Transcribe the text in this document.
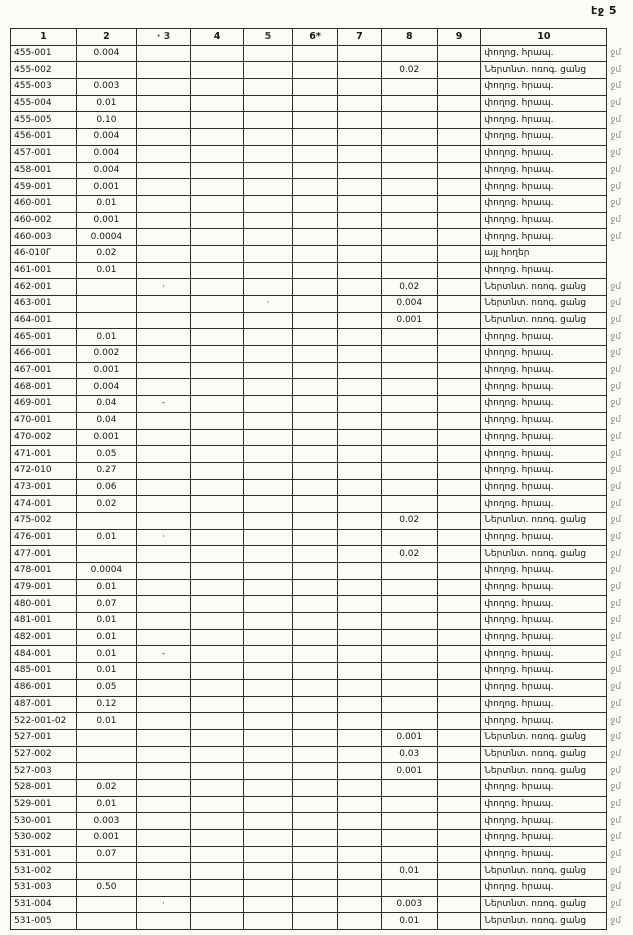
էջ 5
1	2	· 3	4	5	6*	7	8	9	10	
455-001	0.004								փողոց. հրապ.	ջմ
455-002							0.02		Ներտնտ. ոռոգ. ցանց	ջմ
455-003	0.003								փողոց. հրապ.	ջմ
455-004	0.01								փողոց. հրապ.	ջմ
455-005	0.10								փողոց. հրապ.	ջմ
456-001	0.004								փողոց. հրապ.	ջմ
457-001	0.004								փողոց. հրապ.	ջմ
458-001	0.004								փողոց. հրապ.	ջմ
459-001	0.001								փողոց. հրապ.	ջմ
460-001	0.01								փողոց. հրապ.	ջմ
460-002	0.001								փողոց. հրապ.	ջմ
460-003	0.0004								փողոց. հրապ.	ջմ
46-010Г	0.02								այլ հողեր	
461-001	0.01								փողոց. հրապ.	
462-001		·					0.02		Ներտնտ. ոռոգ. ցանց	ջմ
463-001				·			0.004		Ներտնտ. ոռոգ. ցանց	ջմ
464-001							0.001		Ներտնտ. ոռոգ. ցանց	ջմ
465-001	0.01								փողոց. հրապ.	ջմ
466-001	0.002								փողոց. հրապ.	ջմ
467-001	0.001								փողոց. հրապ.	ջմ
468-001	0.004								փողոց. հրապ.	ջմ
469-001	0.04	-							փողոց. հրապ.	ջմ
470-001	0.04								փողոց. հրապ.	ջմ
470-002	0.001								փողոց. հրապ.	ջմ
471-001	0.05								փողոց. հրապ.	ջմ
472-010	0.27								փողոց. հրապ.	ջմ
473-001	0.06								փողոց. հրապ.	ջմ
474-001	0.02								փողոց. հրապ.	ջմ
475-002							0.02		Ներտնտ. ոռոգ. ցանց	ջմ
476-001	0.01	·							փողոց. հրապ.	ջմ
477-001							0.02		Ներտնտ. ոռոգ. ցանց	ջմ
478-001	0.0004								փողոց. հրապ.	ջմ
479-001	0.01								փողոց. հրապ.	ջմ
480-001	0.07								փողոց. հրապ.	ջմ
481-001	0.01								փողոց. հրապ.	ջմ
482-001	0.01								փողոց. հրապ.	ջմ
484-001	0.01	-							փողոց. հրապ.	ջմ
485-001	0.01								փողոց. հրապ.	ջմ
486-001	0.05								փողոց. հրապ.	ջմ
487-001	0.12								փողոց. հրապ.	ջմ
522-001-02	0.01								փողոց. հրապ.	ջմ
527-001							0.001		Ներտնտ. ոռոգ. ցանց	ջմ
527-002							0.03		Ներտնտ. ոռոգ. ցանց	ջմ
527-003							0.001		Ներտնտ. ոռոգ. ցանց	ջմ
528-001	0.02								փողոց. հրապ.	ջմ
529-001	0.01								փողոց. հրապ.	ջմ
530-001	0.003								փողոց. հրապ.	ջմ
530-002	0.001								փողոց. հրապ.	ջմ
531-001	0.07								փողոց. հրապ.	ջմ
531-002							0.01		Ներտնտ. ոռոգ. ցանց	ջմ
531-003	0.50								փողոց. հրապ.	ջմ
531-004		·					0.003		Ներտնտ. ոռոգ. ցանց	ջմ
531-005							0.01		Ներտնտ. ոռոգ. ցանց	ջմ
